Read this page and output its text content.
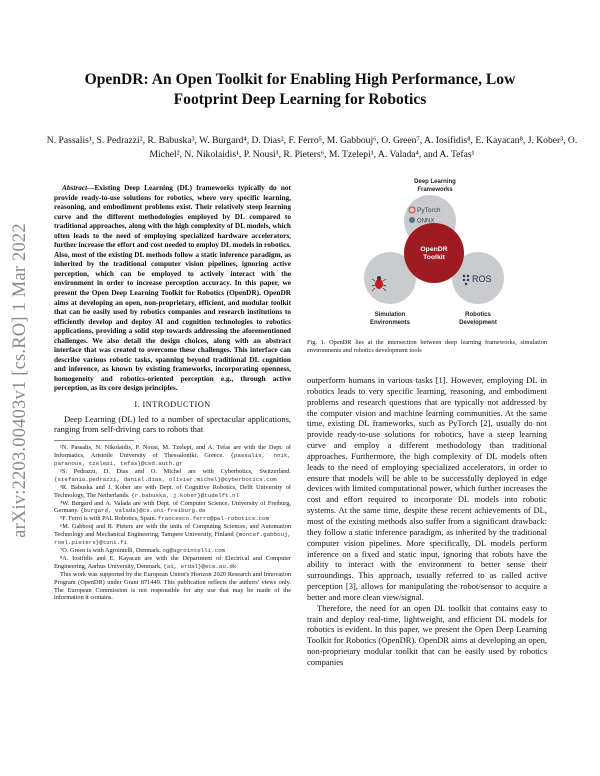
arXiv:2203.00403v1 [cs.RO] 1 Mar 2022
OpenDR: An Open Toolkit for Enabling High Performance, Low Footprint Deep Learning for Robotics
N. Passalis¹, S. Pedrazzi², R. Babuska³, W. Burgard⁴, D. Dias², F. Ferro⁵, M. Gabbouj⁶, O. Green⁷, A. Iosifidis⁸, E. Kayacan⁸, J. Kober³, O. Michel², N. Nikolaidis¹, P. Nousi¹, R. Pieters⁶, M. Tzelepi¹, A. Valada⁴, and A. Tefas¹

Abstract—Existing Deep Learning (DL) frameworks typically do not provide ready-to-use solutions for robotics, where very specific learning, reasoning, and embodiment problems exist. Their relatively steep learning curve and the different methodologies employed by DL compared to traditional approaches, along with the high complexity of DL models, which often leads to the need of employing specialized hardware accelerators, further increase the effort and cost needed to employ DL models in robotics. Also, most of the existing DL methods follow a static inference paradigm, as inherited by the traditional computer vision pipelines, ignoring active perception, which can be employed to actively interact with the environment in order to increase perception accuracy. In this paper, we present the Open Deep Learning Toolkit for Robotics (OpenDR). OpenDR aims at developing an open, non-proprietary, efficient, and modular toolkit that can be easily used by robotics companies and research institutions to efficiently develop and deploy AI and cognition technologies to robotics applications, providing a solid step towards addressing the aforementioned challenges. We also detail the design choices, along with an abstract interface that was created to overcome these challenges. This interface can describe various robotic tasks, spanning beyond traditional DL cognition and inference, as known by existing frameworks, incorporating openness, homogeneity and robotics-oriented perception e.g., through active perception, as its core design principles.

I. INTRODUCTION

Deep Learning (DL) led to a number of spectacular applications, ranging from self-driving cars to robots that

¹N. Passalis, N. Nikolaidis, P. Nousi, M. Tzelepi, and A. Tefas are with the Dept. of Informatics, Aristotle University of Thessaloniki, Greece. {passalis, nnik, paranous, tzelepi, tefas}@csd.auth.gr

²S. Pedrazzi, D. Dias and O. Michel are with Cyberbotics, Switzerland. {stefania.pedrazzi, daniel.dias, olivier.michel}@cyberbotics.com

³R. Babuska and J. Kober are with Dept. of Cognitive Robotics, Delft University of Technology, The Netherlands. {r.babuska, j.kober}@tudelft.nl

⁴W. Burgard and A. Valada are with Dept. of Computer Science, University of Freiburg, Germany. {burgard, valada}@cs.uni-freiburg.de

⁵F. Ferro is with PAL Robotics, Spain. francesco.ferro@pal-robotics.com

⁶M. Gabbouj and R. Pieters are with the units of Computing Sciences, and Automation Technology and Mechanical Engineering, Tampere University, Finland {moncef.gabbouj, roel.pieters}@tuni.fi

⁷O. Green is with Agrointelli, Denmark. og@agrointelli.com

⁸A. Iosifidis and E. Kayacan are with the Department of Electrical and Computer Engineering, Aarhus University, Denmark. {ai, erdal}@ece.au.dk

This work was supported by the European Union's Horizon 2020 Research and Innovation Program (OpenDR) under Grant 871449. This publication reflects the authors' views only. The European Commission is not responsible for any use that may be made of the information it contains.

Deep Learning
Frameworks
PyTorch
ONNX
OpenDR
Toolkit
ROS
Simulation
Environments
Robotics
Development
Fig. 1. OpenDR lies at the intersection between deep learning frameworks, simulation environments and robotics development tools

outperform humans in various tasks [1]. However, employing DL in robotics leads to very specific learning, reasoning, and embodiment problems and research questions that are typically not addressed by the computer vision and machine learning communities. At the same time, existing DL frameworks, such as PyTorch [2], usually do not provide ready-to-use solutions for robotics, have a steep learning curve and employ a different methodology than traditional approaches. Furthermore, the high complexity of DL models often leads to the need of employing specialized accelerators, in order to ensure that models will be able to be successfully deployed in edge devices with limited computational power, which further increases the cost and effort required to incorporate DL models into robotic systems. At the same time, despite these recent achievements of DL, most of the existing methods also suffer from a significant drawback: they follow a static inference paradigm, as inherited by the traditional computer vision pipelines. More specifically, DL models perform inference on a fixed and static input, ignoring that robots have the ability to interact with the environment to better sense their surroundings. This approach, usually referred to as called active perception [3], allows for manipulating the robot/sensor to acquire a better and more clean view/signal.

Therefore, the need for an open DL toolkit that contains easy to train and deploy real-time, lightweight, and efficient DL models for robotics is evident. In this paper, we present the Open Deep Learning Toolkit for Robotics (OpenDR). OpenDR aims at developing an open, non-proprietary modular toolkit that can be easily used by robotics companies
